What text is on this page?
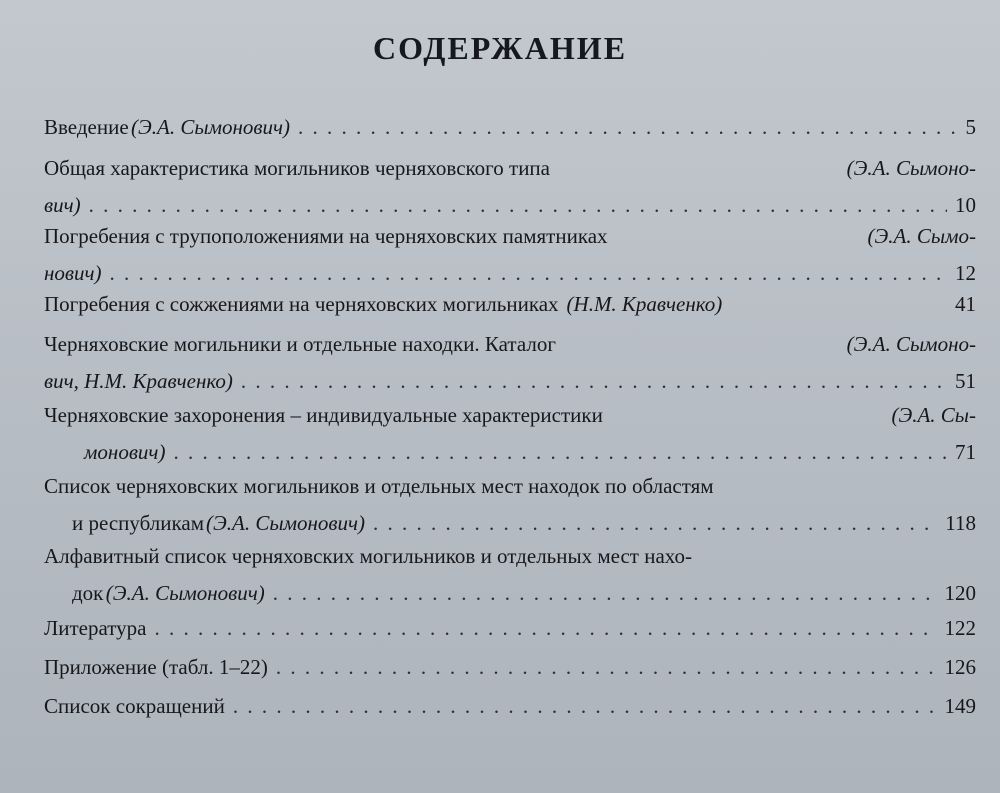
СОДЕРЖАНИЕ
Введение (Э.А. Сымонович) . . .	5
Общая характеристика могильников черняховского типа	(Э.А. Сымоно-
вич) . . .	10
Погребения с трупоположениями на черняховских памятниках	(Э.А. Сымо-
нович) . . .	12
Погребения с сожжениями на черняховских могильниках (Н.М. Кравченко)	41
Черняховские могильники и отдельные находки. Каталог	(Э.А. Сымоно-
вич, Н.М. Кравченко) . . .	51
Черняховские захоронения – индивидуальные характеристики	(Э.А. Сы-
монович) . . .	71
Список черняховских могильников и отдельных мест находок по областям
и республикам (Э.А. Сымонович) . . .	118
Алфавитный список черняховских могильников и отдельных мест нахо-
док (Э.А. Сымонович) . . .	120
Литература . . .	122
Приложение (табл. 1–22) . . .	126
Список сокращений . . .	149
